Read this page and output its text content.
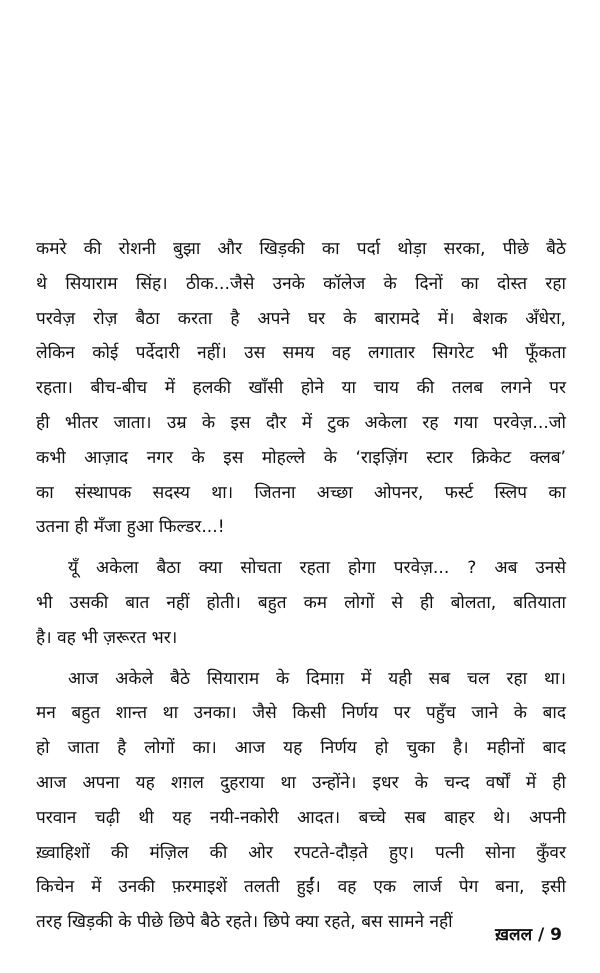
कमरे की रोशनी बुझा और खिड़की का पर्दा थोड़ा सरका, पीछे बैठे
थे सियाराम सिंह। ठीक...जैसे उनके कॉलेज के दिनों का दोस्त रहा
परवेज़ रोज़ बैठा करता है अपने घर के बारामदे में। बेशक अँधेरा,
लेकिन कोई पर्देदारी नहीं। उस समय वह लगातार सिगरेट भी फूँकता
रहता। बीच-बीच में हलकी खाँसी होने या चाय की तलब लगने पर
ही भीतर जाता। उम्र के इस दौर में टुक अकेला रह गया परवेज़...जो
कभी आज़ाद नगर के इस मोहल्ले के ‘राइज़िंग स्टार क्रिकेट क्लब’
का संस्थापक सदस्य था। जितना अच्छा ओपनर, फर्स्ट स्लिप का
उतना ही मँजा हुआ फिल्डर...!
यूँ अकेला बैठा क्या सोचता रहता होगा परवेज़... ? अब उनसे
भी उसकी बात नहीं होती। बहुत कम लोगों से ही बोलता, बतियाता
है। वह भी ज़रूरत भर।
आज अकेले बैठे सियाराम के दिमाग़ में यही सब चल रहा था।
मन बहुत शान्त था उनका। जैसे किसी निर्णय पर पहुँच जाने के बाद
हो जाता है लोगों का। आज यह निर्णय हो चुका है। महीनों बाद
आज अपना यह शग़ल दुहराया था उन्होंने। इधर के चन्द वर्षों में ही
परवान चढ़ी थी यह नयी-नकोरी आदत। बच्चे सब बाहर थे। अपनी
ख़्वाहिशों की मंज़िल की ओर रपटते-दौड़ते हुए। पत्नी सोना कुँवर
किचेन में उनकी फ़रमाइशें तलती हुईं। वह एक लार्ज पेग बना, इसी
तरह खिड़की के पीछे छिपे बैठे रहते। छिपे क्या रहते, बस सामने नहीं
ख़लल / 9
